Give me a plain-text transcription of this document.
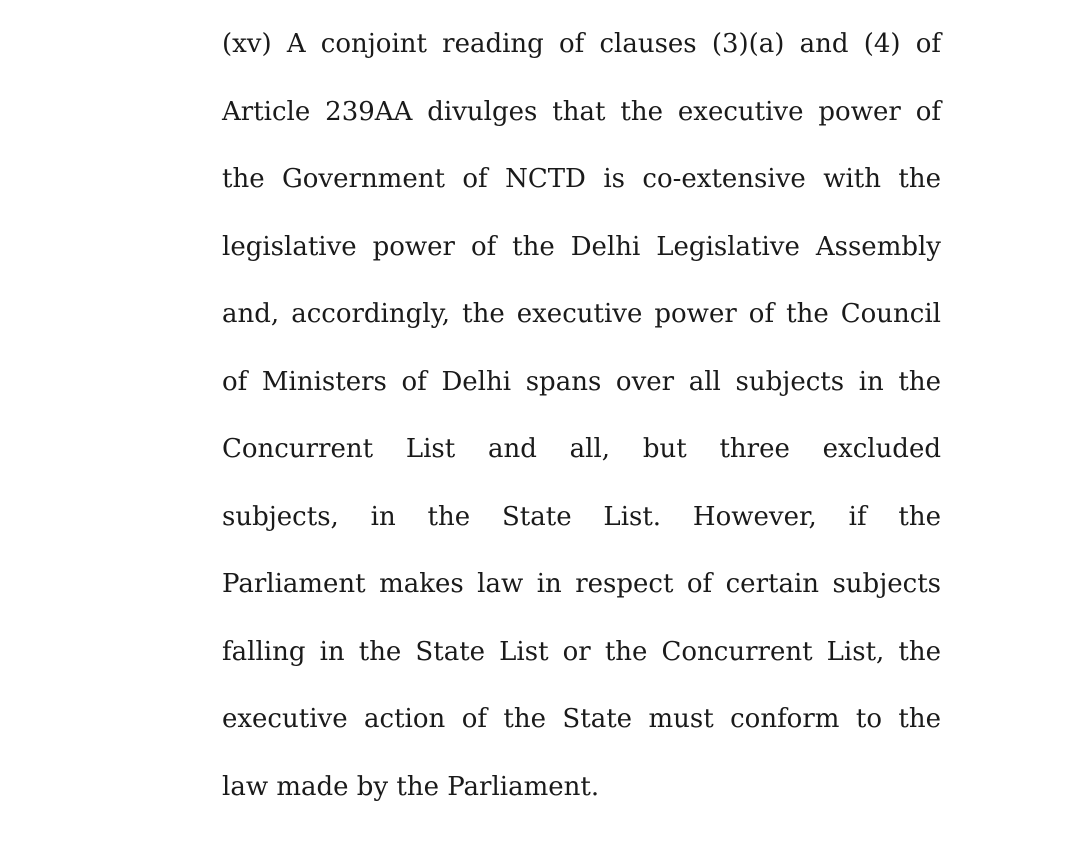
(xv) A conjoint reading of clauses (3)(a) and (4) of
Article 239AA divulges that the executive power of
the Government of NCTD is co-extensive with the
legislative power of the Delhi Legislative Assembly
and, accordingly, the executive power of the Council
of Ministers of Delhi spans over all subjects in the
Concurrent List and all, but three excluded
subjects, in the State List. However, if the
Parliament makes law in respect of certain subjects
falling in the State List or the Concurrent List, the
executive action of the State must conform to the
law made by the Parliament.
